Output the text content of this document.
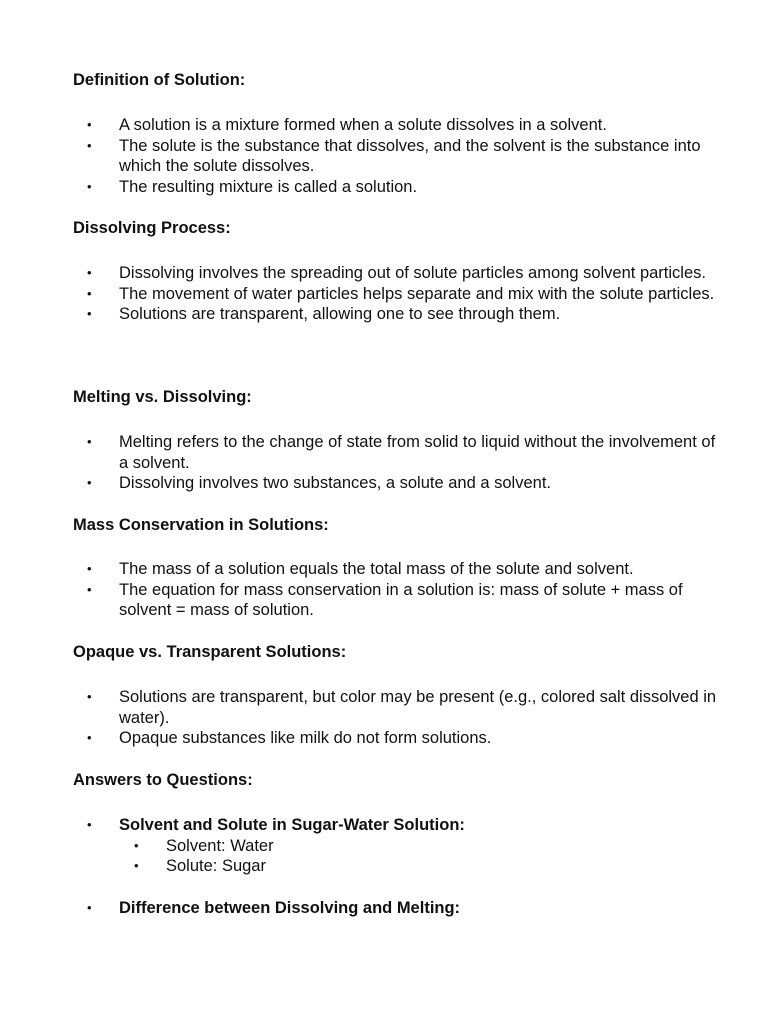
Definition of Solution:
• A solution is a mixture formed when a solute dissolves in a solvent.
• The solute is the substance that dissolves, and the solvent is the substance into which the solute dissolves.
• The resulting mixture is called a solution.
Dissolving Process:
• Dissolving involves the spreading out of solute particles among solvent particles.
• The movement of water particles helps separate and mix with the solute particles.
• Solutions are transparent, allowing one to see through them.
Melting vs. Dissolving:
• Melting refers to the change of state from solid to liquid without the involvement of a solvent.
• Dissolving involves two substances, a solute and a solvent.
Mass Conservation in Solutions:
• The mass of a solution equals the total mass of the solute and solvent.
• The equation for mass conservation in a solution is: mass of solute + mass of solvent = mass of solution.
Opaque vs. Transparent Solutions:
• Solutions are transparent, but color may be present (e.g., colored salt dissolved in water).
• Opaque substances like milk do not form solutions.
Answers to Questions:
• Solvent and Solute in Sugar-Water Solution:
• Solvent: Water
• Solute: Sugar
• Difference between Dissolving and Melting:
